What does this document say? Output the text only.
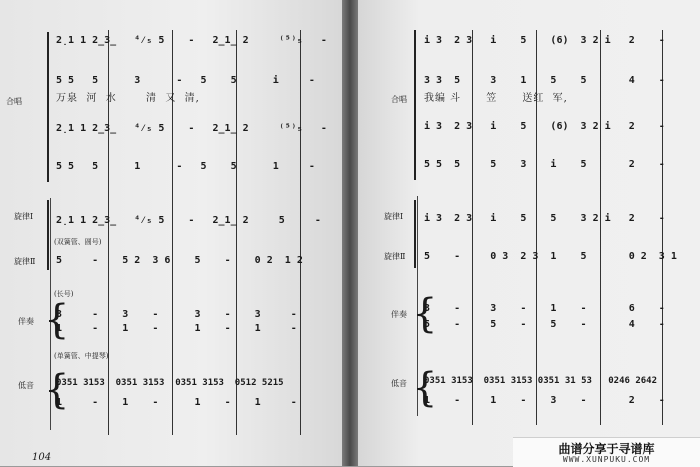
合唱
旋律Ⅰ
旋律Ⅱ
伴奏
低音
(双簧管、圆号)
(长号)
(单簧管、中提琴)
2̣1 1 2̲3̲   ⁴⁄₅ 5    -   2̲1̲ 2     ⁽⁵⁾₅   -
5 5   5      3      -   5    5      i     -
万泉  河  水       清  又  清,
2̣1 1 2̲3̲   ⁴⁄₅ 5    -   2̲1̲ 2     ⁽⁵⁾₅   -
5 5   5      1      -   5    5      1     -
2̣1 1 2̲3̲   ⁴⁄₅ 5    -   2̲1̲ 2     5     -
5     -    5 2  3 6    5    -    0 2  1 2
{
3     -    3    -      3    -    3     -
1     -    1    -      1    -    1     -
{
0351 3153  0351 3153  0351 3153  0512 5215
1     -    1    -      1    -    1     -
104
合唱
旋律Ⅰ
旋律Ⅱ
伴奏
低音
i 3  2 3   i    5    (6)  3 2 i   2    -
3 3  5     3    1    5    5       4    -
我编 斗      笠      送红  军,
i 3  2 3   i    5    (6)  3 2 i   2    -
5 5  5     5    3    i    5       2    -
i 3  2 3   i    5    5    3 2 i   2    -
5    -     0 3  2 3  1    5       0 2  3 1
{
3    -     3    -    1    -       6    -
5    -     5    -    5    -       4    -
{
0351 3153  0351 3153 0351 31 53   0246 2642
1    -     1    -    3    -       2    -
曲谱分享于寻谱库
WWW.XUNPUKU.COM
